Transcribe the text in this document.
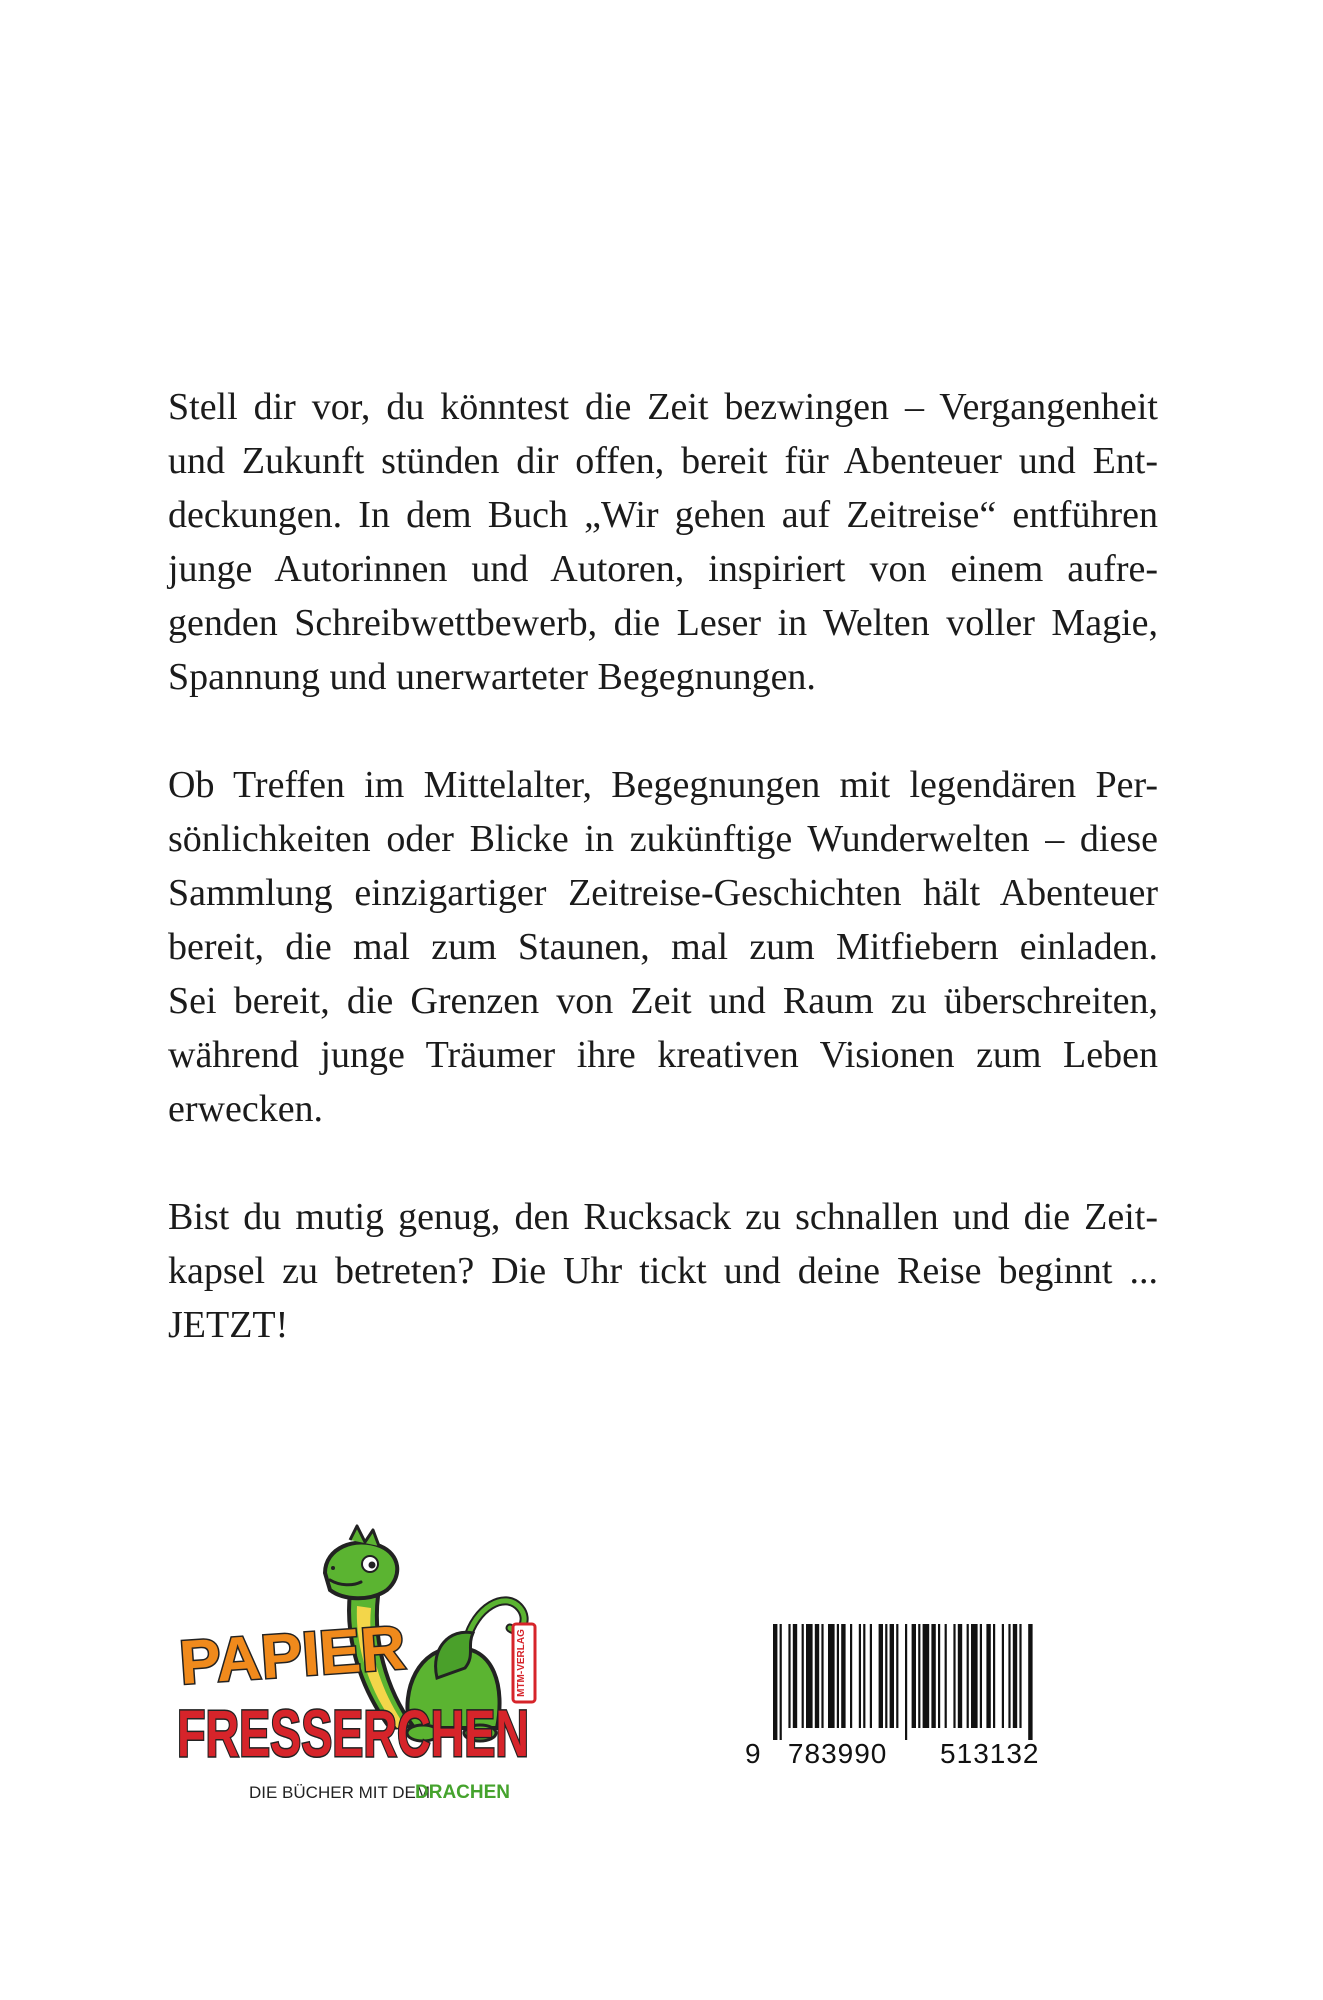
Stell dir vor, du könntest die Zeit bezwingen – Vergangenheit
und Zukunft stünden dir offen, bereit für Abenteuer und Ent-
deckungen. In dem Buch „Wir gehen auf Zeitreise“ entführen
junge Autorinnen und Autoren, inspiriert von einem aufre-
genden Schreibwettbewerb, die Leser in Welten voller Magie,
Spannung und unerwarteter Begegnungen.

Ob Treffen im Mittelalter, Begegnungen mit legendären Per-
sönlichkeiten oder Blicke in zukünftige Wunderwelten – diese
Sammlung einzigartiger Zeitreise-Geschichten hält Abenteuer
bereit, die mal zum Staunen, mal zum Mitfiebern einladen.
Sei bereit, die Grenzen von Zeit und Raum zu überschreiten,
während junge Träumer ihre kreativen Visionen zum Leben
erwecken.

Bist du mutig genug, den Rucksack zu schnallen und die Zeit-
kapsel zu betreten? Die Uhr tickt und deine Reise beginnt ...
JETZT!

MTM-VERLAG
PAPIER
FRESSERCHEN
DIE BÜCHER MIT DEM
DRACHEN
9 783990 513132
